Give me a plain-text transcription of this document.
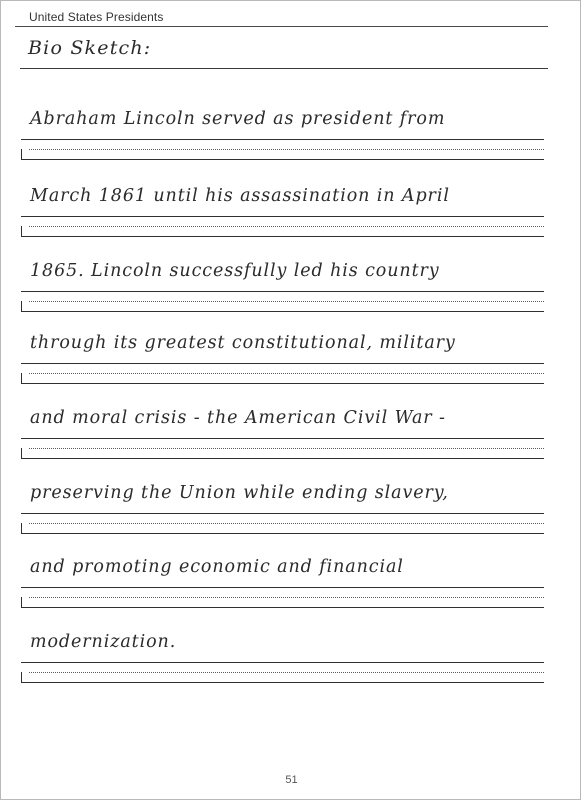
United States Presidents
Bio Sketch:
Abraham Lincoln served as president from
March 1861 until his assassination in April
1865. Lincoln successfully led his country
through its greatest constitutional, military
and moral crisis - the American Civil War -
preserving the Union while ending slavery,
and promoting economic and financial
modernization.
51
